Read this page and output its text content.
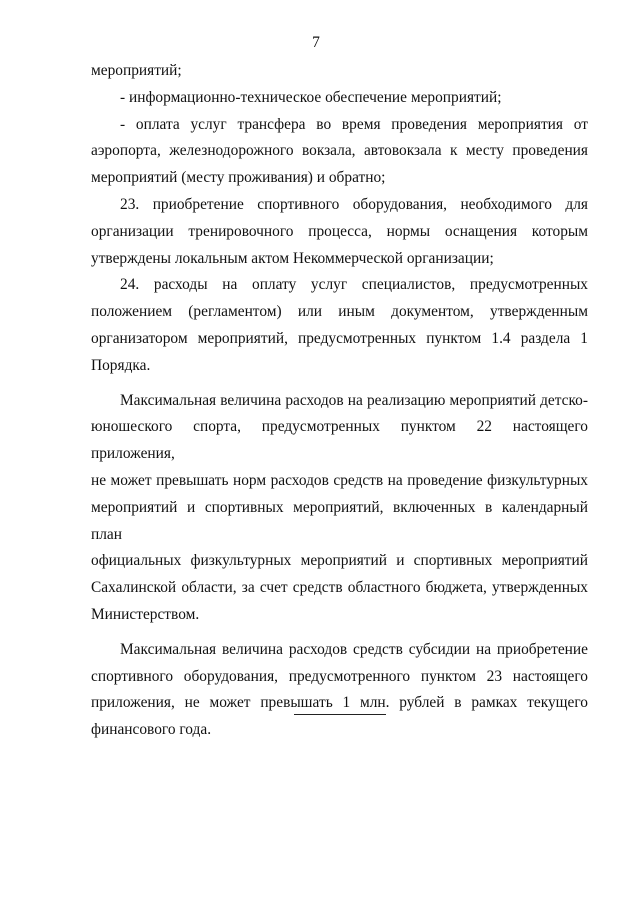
7

мероприятий;

- информационно-техническое обеспечение мероприятий;

- оплата услуг трансфера во время проведения мероприятия от

аэропорта, железнодорожного вокзала, автовокзала к месту проведения

мероприятий (месту проживания) и обратно;

23. приобретение спортивного оборудования, необходимого для

организации тренировочного процесса, нормы оснащения которым

утверждены локальным актом Некоммерческой организации;

24. расходы на оплату услуг специалистов, предусмотренных

положением (регламентом) или иным документом, утвержденным

организатором мероприятий, предусмотренных пунктом 1.4 раздела 1

Порядка.

Максимальная величина расходов на реализацию мероприятий детско-

юношеского спорта, предусмотренных пунктом 22 настоящего приложения,

не может превышать норм расходов средств на проведение физкультурных

мероприятий и спортивных мероприятий, включенных в календарный план

официальных физкультурных мероприятий и спортивных мероприятий

Сахалинской области, за счет средств областного бюджета, утвержденных

Министерством.

Максимальная величина расходов средств субсидии на приобретение

спортивного оборудования, предусмотренного пунктом 23 настоящего

приложения, не может превышать 1 млн. рублей в рамках текущего

финансового года.
